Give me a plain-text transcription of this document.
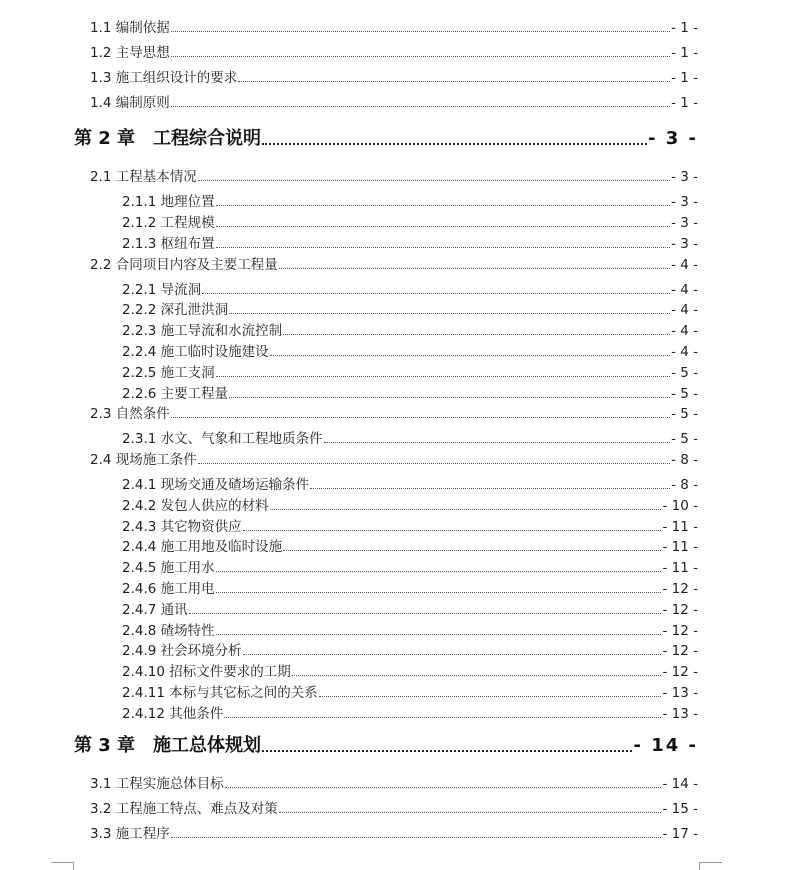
1.1 编制依据	- 1 -
1.2 主导思想	- 1 -
1.3 施工组织设计的要求	- 1 -
1.4 编制原则	- 1 -
第 2 章　工程综合说明	- 3 -
2.1 工程基本情况	- 3 -
2.1.1 地理位置	- 3 -
2.1.2 工程规模	- 3 -
2.1.3 枢纽布置	- 3 -
2.2 合同项目内容及主要工程量	- 4 -
2.2.1 导流洞	- 4 -
2.2.2 深孔泄洪洞	- 4 -
2.2.3 施工导流和水流控制	- 4 -
2.2.4 施工临时设施建设	- 4 -
2.2.5 施工支洞	- 5 -
2.2.6 主要工程量	- 5 -
2.3 自然条件	- 5 -
2.3.1 水文、气象和工程地质条件	- 5 -
2.4 现场施工条件	- 8 -
2.4.1 现场交通及碴场运输条件	- 8 -
2.4.2 发包人供应的材料	- 10 -
2.4.3 其它物资供应	- 11 -
2.4.4 施工用地及临时设施	- 11 -
2.4.5 施工用水	- 11 -
2.4.6 施工用电	- 12 -
2.4.7 通讯	- 12 -
2.4.8 碴场特性	- 12 -
2.4.9 社会环境分析	- 12 -
2.4.10 招标文件要求的工期	- 12 -
2.4.11 本标与其它标之间的关系	- 13 -
2.4.12 其他条件	- 13 -
第 3 章　施工总体规划	- 14 -
3.1 工程实施总体目标	- 14 -
3.2 工程施工特点、难点及对策	- 15 -
3.3 施工程序	- 17 -
